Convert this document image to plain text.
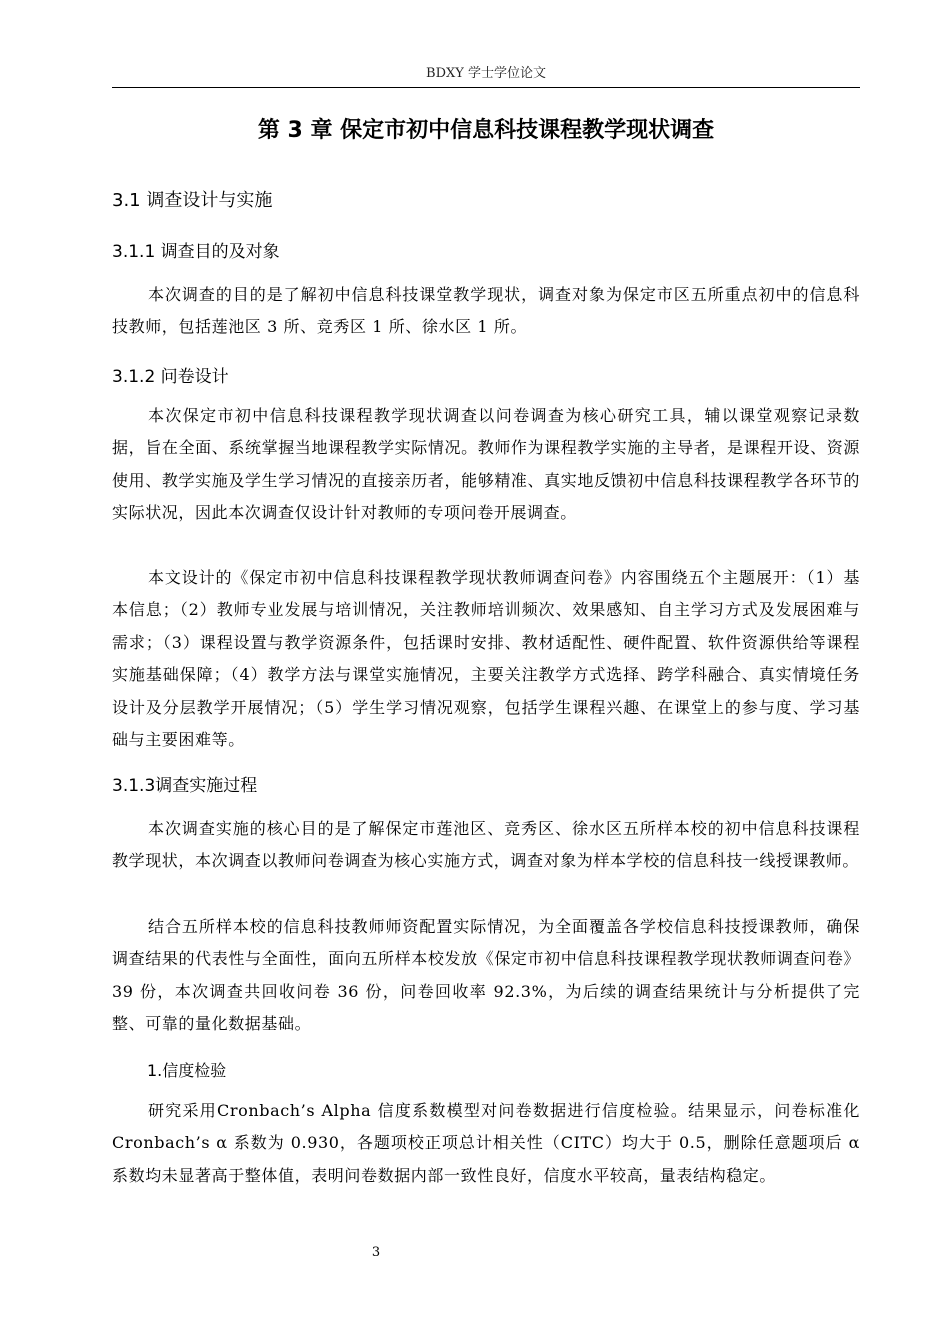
BDXY 学士学位论文
第 3 章 保定市初中信息科技课程教学现状调查
3.1 调查设计与实施
3.1.1 调查目的及对象

本次调查的目的是了解初中信息科技课堂教学现状，调查对象为保定市区五所重点初中的信息科技教师，包括莲池区 3 所、竞秀区 1 所、徐水区 1 所。

3.1.2 问卷设计

本次保定市初中信息科技课程教学现状调查以问卷调查为核心研究工具，辅以课堂观察记录数据，旨在全面、系统掌握当地课程教学实际情况。教师作为课程教学实施的主导者，是课程开设、资源使用、教学实施及学生学习情况的直接亲历者，能够精准、真实地反馈初中信息科技课程教学各环节的实际状况，因此本次调查仅设计针对教师的专项问卷开展调查。

本文设计的《保定市初中信息科技课程教学现状教师调查问卷》内容围绕五个主题展开：（1）基本信息；（2）教师专业发展与培训情况，关注教师培训频次、效果感知、自主学习方式及发展困难与需求；（3）课程设置与教学资源条件，包括课时安排、教材适配性、硬件配置、软件资源供给等课程实施基础保障；（4）教学方法与课堂实施情况，主要关注教学方式选择、跨学科融合、真实情境任务设计及分层教学开展情况；（5）学生学习情况观察，包括学生课程兴趣、在课堂上的参与度、学习基础与主要困难等。

3.1.3调查实施过程

本次调查实施的核心目的是了解保定市莲池区、竞秀区、徐水区五所样本校的初中信息科技课程教学现状，本次调查以教师问卷调查为核心实施方式，调查对象为样本学校的信息科技一线授课教师。

结合五所样本校的信息科技教师师资配置实际情况，为全面覆盖各学校信息科技授课教师，确保调查结果的代表性与全面性，面向五所样本校发放《保定市初中信息科技课程教学现状教师调查问卷》 39 份，本次调查共回收问卷 36 份，问卷回收率 92.3%，为后续的调查结果统计与分析提供了完整、可靠的量化数据基础。

1.信度检验

研究采用Cronbach’s Alpha 信度系数模型对问卷数据进行信度检验。结果显示，问卷标准化 Cronbach’s α 系数为 0.930，各题项校正项总计相关性（CITC）均大于 0.5，删除任意题项后 α 系数均未显著高于整体值，表明问卷数据内部一致性良好，信度水平较高，量表结构稳定。

3
